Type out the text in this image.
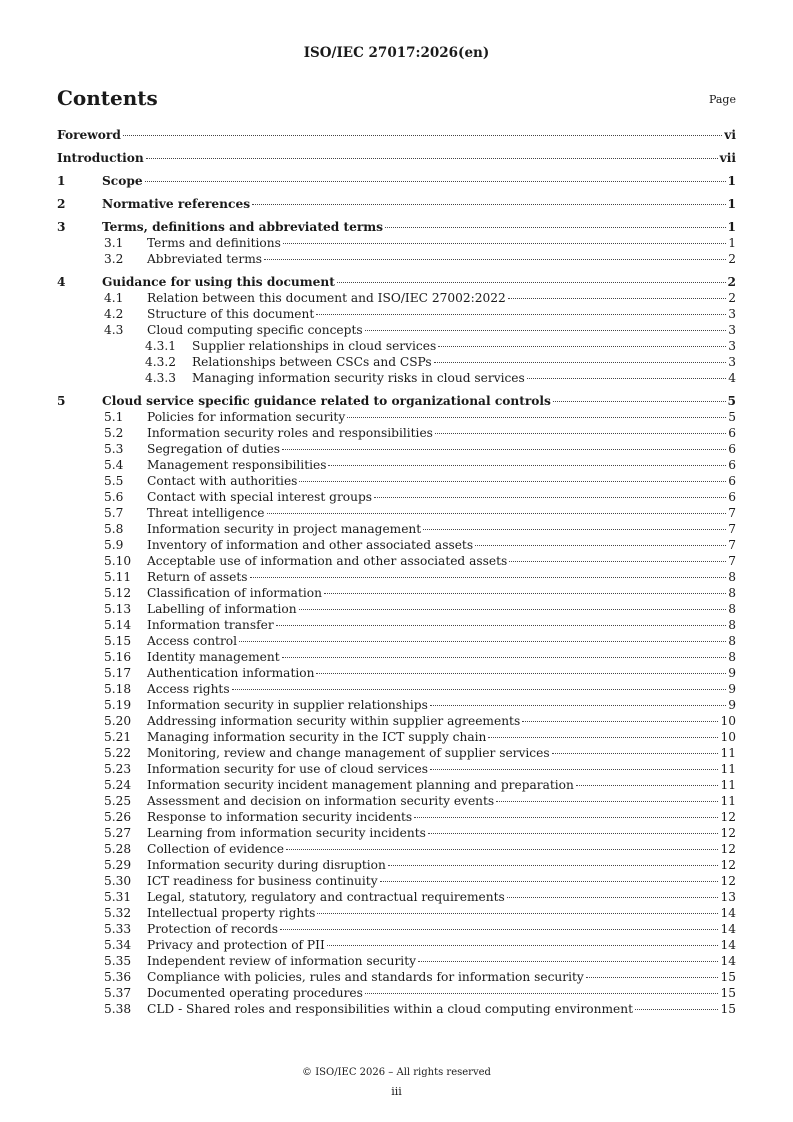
ISO/IEC 27017:2026(en)
Contents	Page
Foreword	vi
Introduction	vii
1	Scope	1
2	Normative references	1
3	Terms, definitions and abbreviated terms	1
3.1	Terms and definitions	1
3.2	Abbreviated terms	2
4	Guidance for using this document	2
4.1	Relation between this document and ISO/IEC 27002:2022	2
4.2	Structure of this document	3
4.3	Cloud computing specific concepts	3
4.3.1	Supplier relationships in cloud services	3
4.3.2	Relationships between CSCs and CSPs	3
4.3.3	Managing information security risks in cloud services	4
5	Cloud service specific guidance related to organizational controls	5
5.1	Policies for information security	5
5.2	Information security roles and responsibilities	6
5.3	Segregation of duties	6
5.4	Management responsibilities	6
5.5	Contact with authorities	6
5.6	Contact with special interest groups	6
5.7	Threat intelligence	7
5.8	Information security in project management	7
5.9	Inventory of information and other associated assets	7
5.10	Acceptable use of information and other associated assets	7
5.11	Return of assets	8
5.12	Classification of information	8
5.13	Labelling of information	8
5.14	Information transfer	8
5.15	Access control	8
5.16	Identity management	8
5.17	Authentication information	9
5.18	Access rights	9
5.19	Information security in supplier relationships	9
5.20	Addressing information security within supplier agreements	10
5.21	Managing information security in the ICT supply chain	10
5.22	Monitoring, review and change management of supplier services	11
5.23	Information security for use of cloud services	11
5.24	Information security incident management planning and preparation	11
5.25	Assessment and decision on information security events	11
5.26	Response to information security incidents	12
5.27	Learning from information security incidents	12
5.28	Collection of evidence	12
5.29	Information security during disruption	12
5.30	ICT readiness for business continuity	12
5.31	Legal, statutory, regulatory and contractual requirements	13
5.32	Intellectual property rights	14
5.33	Protection of records	14
5.34	Privacy and protection of PII	14
5.35	Independent review of information security	14
5.36	Compliance with policies, rules and standards for information security	15
5.37	Documented operating procedures	15
5.38	CLD - Shared roles and responsibilities within a cloud computing environment	15
© ISO/IEC 2026 – All rights reserved
iii
